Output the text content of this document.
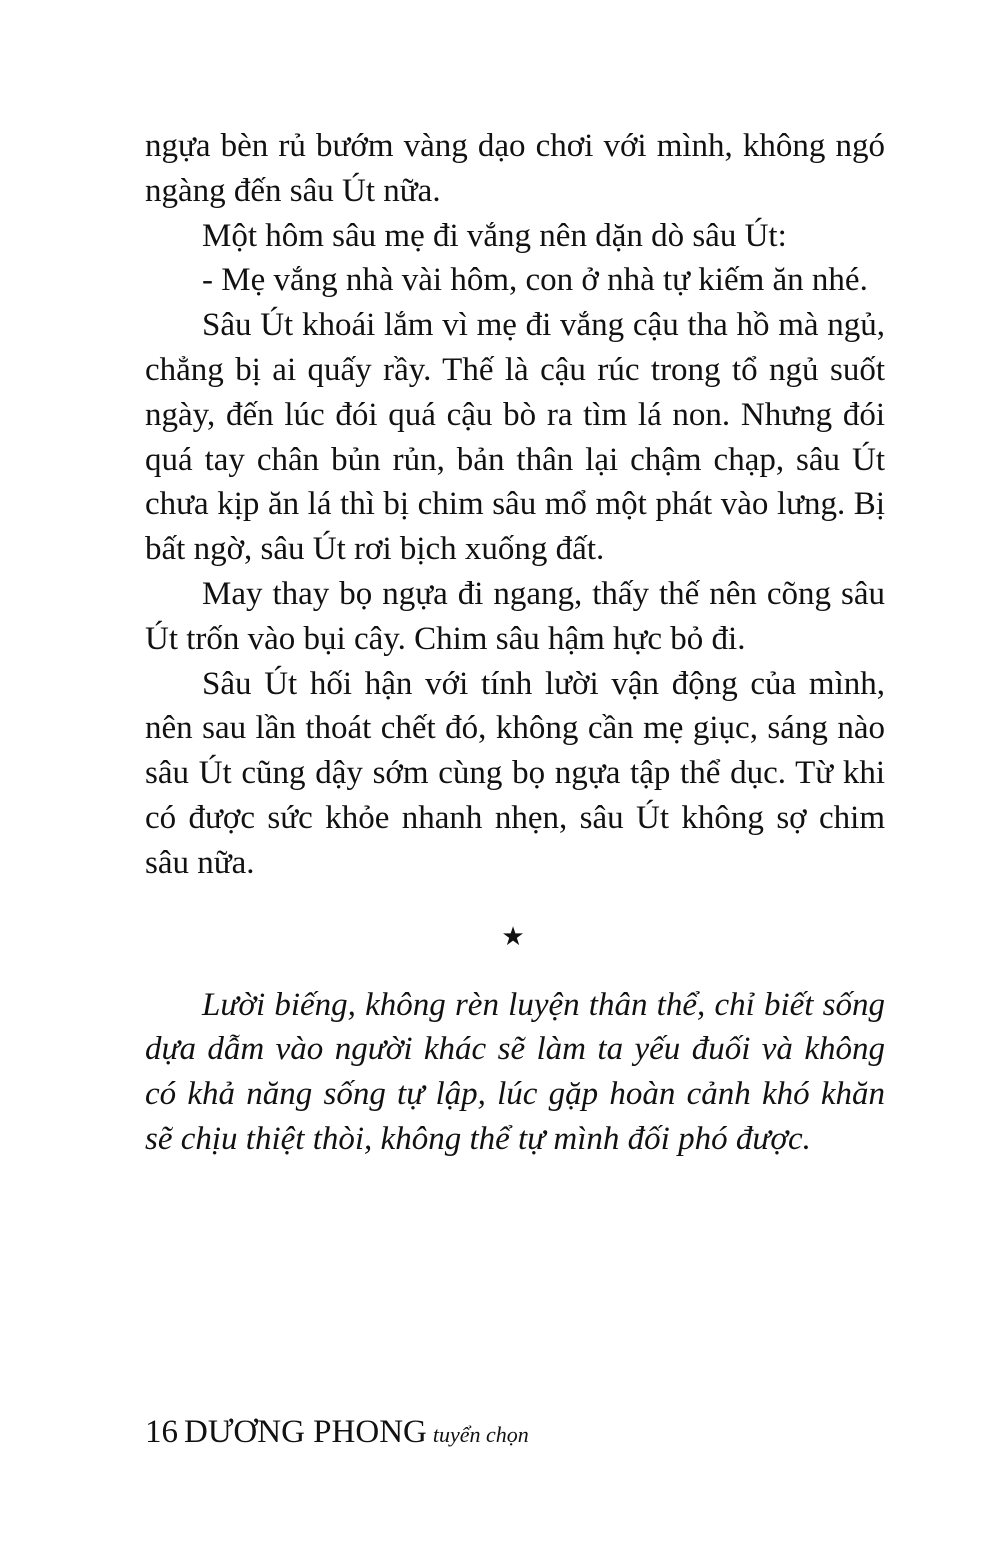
ngựa bèn rủ bướm vàng dạo chơi với mình, không ngó ngàng đến sâu Út nữa.

Một hôm sâu mẹ đi vắng nên dặn dò sâu Út:

- Mẹ vắng nhà vài hôm, con ở nhà tự kiếm ăn nhé.

Sâu Út khoái lắm vì mẹ đi vắng cậu tha hồ mà ngủ, chẳng bị ai quấy rầy. Thế là cậu rúc trong tổ ngủ suốt ngày, đến lúc đói quá cậu bò ra tìm lá non. Nhưng đói quá tay chân bủn rủn, bản thân lại chậm chạp, sâu Út chưa kịp ăn lá thì bị chim sâu mổ một phát vào lưng. Bị bất ngờ, sâu Út rơi bịch xuống đất.

May thay bọ ngựa đi ngang, thấy thế nên cõng sâu Út trốn vào bụi cây. Chim sâu hậm hực bỏ đi.

Sâu Út hối hận với tính lười vận động của mình, nên sau lần thoát chết đó, không cần mẹ giục, sáng nào sâu Út cũng dậy sớm cùng bọ ngựa tập thể dục. Từ khi có được sức khỏe nhanh nhẹn, sâu Út không sợ chim sâu nữa.

★

Lười biếng, không rèn luyện thân thể, chỉ biết sống dựa dẫm vào người khác sẽ làm ta yếu đuối và không có khả năng sống tự lập, lúc gặp hoàn cảnh khó khăn sẽ chịu thiệt thòi, không thể tự mình đối phó được.

16 DƯƠNG PHONG tuyển chọn
